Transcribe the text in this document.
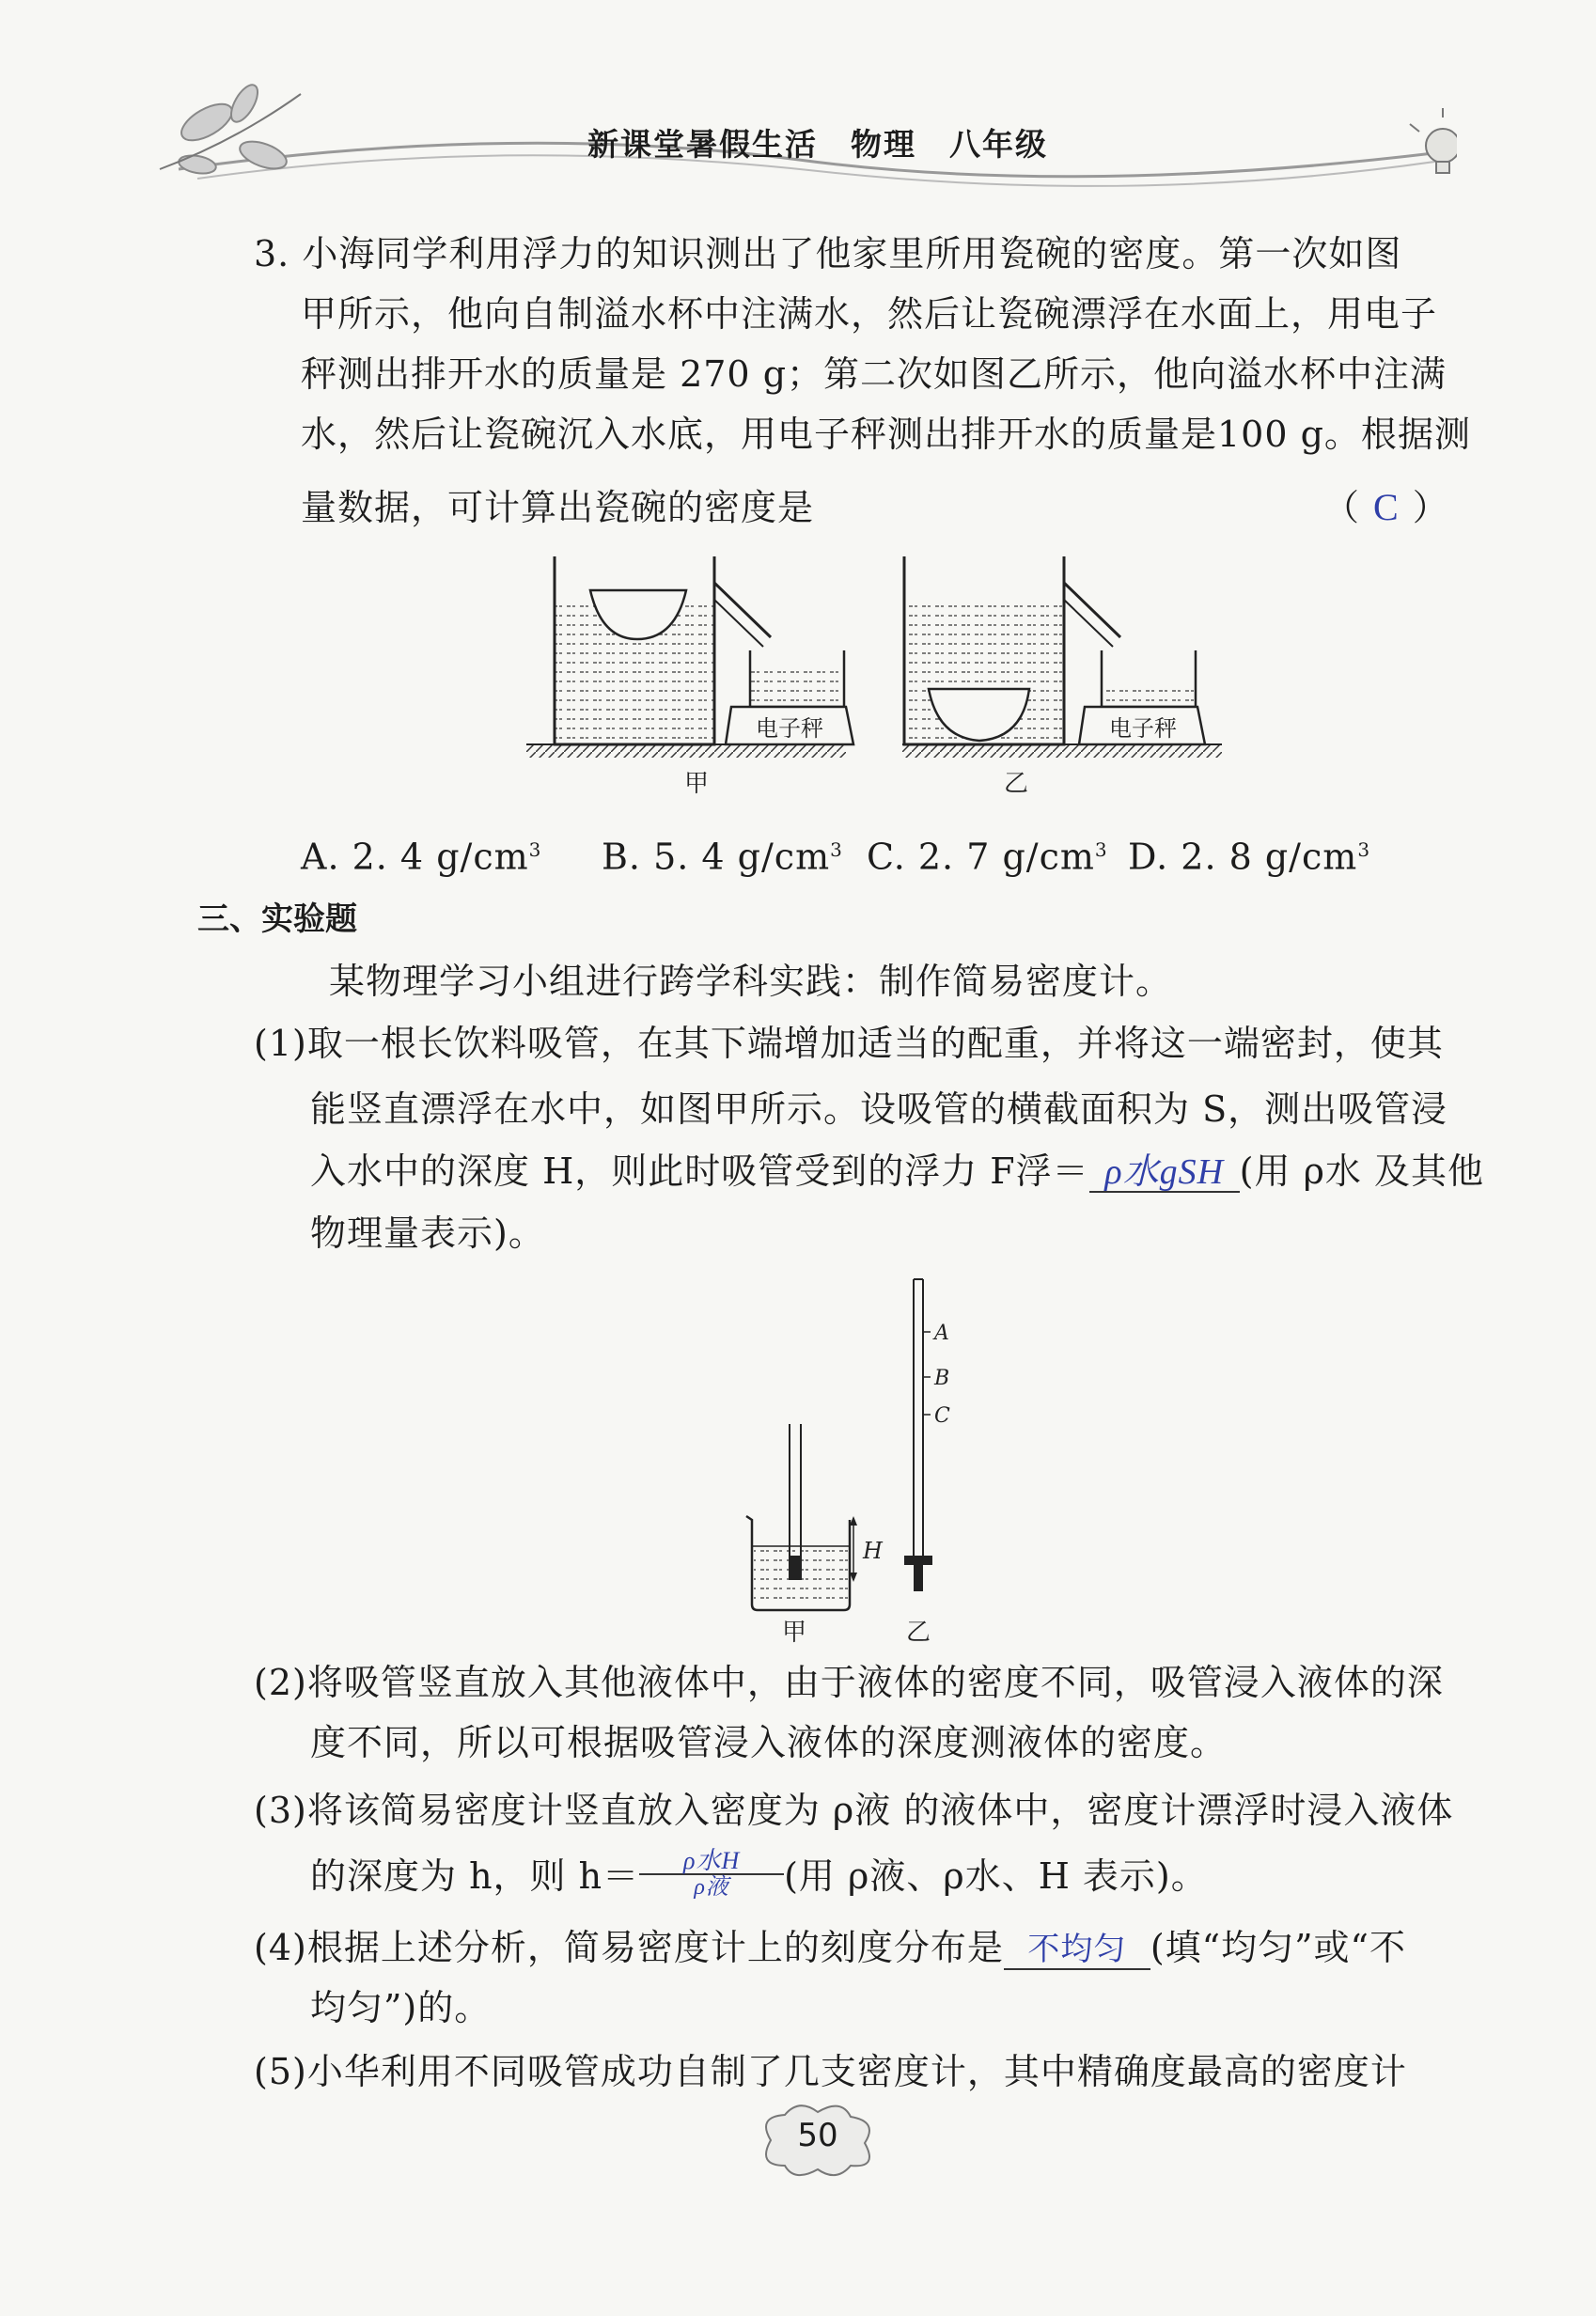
新课堂暑假生活　物理　八年级
3. 小海同学利用浮力的知识测出了他家里所用瓷碗的密度。第一次如图
甲所示，他向自制溢水杯中注满水，然后让瓷碗漂浮在水面上，用电子
秤测出排开水的质量是 270 g；第二次如图乙所示，他向溢水杯中注满
水，然后让瓷碗沉入水底，用电子秤测出排开水的质量是100 g。根据测
量数据，可计算出瓷碗的密度是	（ C ）
电子秤
甲
电子秤
乙
A. 2. 4 $g/cm^3$ B. 5. 4 $g/cm^3$ C. 2. 7 $g/cm^3$ D. 2. 8 $g/cm^3$
三、实验题
某物理学习小组进行跨学科实践：制作简易密度计。
(1)取一根长饮料吸管，在其下端增加适当的配重，并将这一端密封，使其
能竖直漂浮在水中，如图甲所示。设吸管的横截面积为 S，测出吸管浸
入水中的深度 H，则此时吸管受到的浮力 F浮＝ ρ水gSH (用 ρ水 及其他
物理量表示)。
H
甲
A
B
C
乙
(2)将吸管竖直放入其他液体中，由于液体的密度不同，吸管浸入液体的深
度不同，所以可根据吸管浸入液体的深度测液体的密度。
(3)将该简易密度计竖直放入密度为 ρ液 的液体中，密度计漂浮时浸入液体
的深度为 h，则 h＝	ρ水H
ρ液	(用 ρ液、ρ水、H 表示)。
(4)根据上述分析，简易密度计上的刻度分布是 不均匀 (填“均匀”或“不
均匀”)的。
(5)小华利用不同吸管成功自制了几支密度计，其中精确度最高的密度计
50
